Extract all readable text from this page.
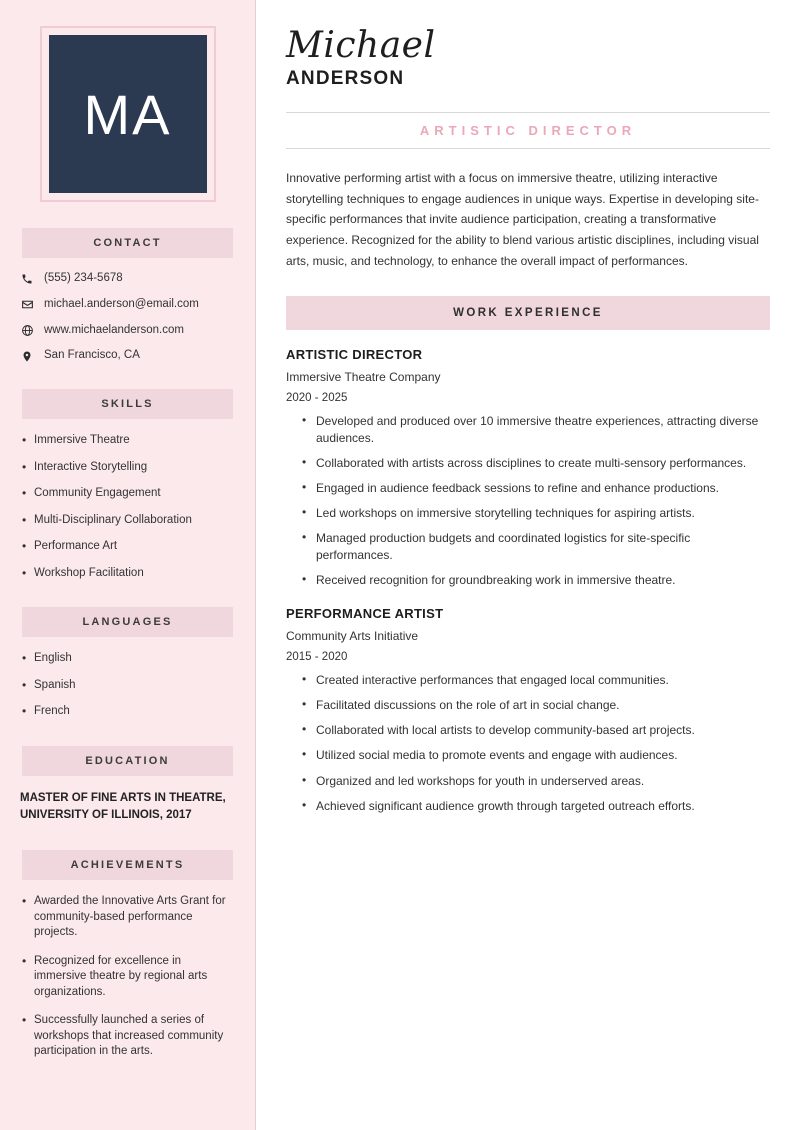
MA
CONTACT
(555) 234-5678
michael.anderson@email.com
www.michaelanderson.com
San Francisco, CA
SKILLS
• Immersive Theatre
• Interactive Storytelling
• Community Engagement
• Multi-Disciplinary Collaboration
• Performance Art
• Workshop Facilitation
LANGUAGES
• English
• Spanish
• French
EDUCATION
MASTER OF FINE ARTS IN THEATRE, UNIVERSITY OF ILLINOIS, 2017
ACHIEVEMENTS
• Awarded the Innovative Arts Grant for community-based performance projects.
• Recognized for excellence in immersive theatre by regional arts organizations.
• Successfully launched a series of workshops that increased community participation in the arts.
Michael
ANDERSON
ARTISTIC DIRECTOR

Innovative performing artist with a focus on immersive theatre, utilizing interactive storytelling techniques to engage audiences in unique ways. Expertise in developing site-specific performances that invite audience participation, creating a transformative experience. Recognized for the ability to blend various artistic disciplines, including visual arts, music, and technology, to enhance the overall impact of performances.

WORK EXPERIENCE
ARTISTIC DIRECTOR
Immersive Theatre Company
2020 - 2025
• Developed and produced over 10 immersive theatre experiences, attracting diverse audiences.
• Collaborated with artists across disciplines to create multi-sensory performances.
• Engaged in audience feedback sessions to refine and enhance productions.
• Led workshops on immersive storytelling techniques for aspiring artists.
• Managed production budgets and coordinated logistics for site-specific performances.
• Received recognition for groundbreaking work in immersive theatre.
PERFORMANCE ARTIST
Community Arts Initiative
2015 - 2020
• Created interactive performances that engaged local communities.
• Facilitated discussions on the role of art in social change.
• Collaborated with local artists to develop community-based art projects.
• Utilized social media to promote events and engage with audiences.
• Organized and led workshops for youth in underserved areas.
• Achieved significant audience growth through targeted outreach efforts.
